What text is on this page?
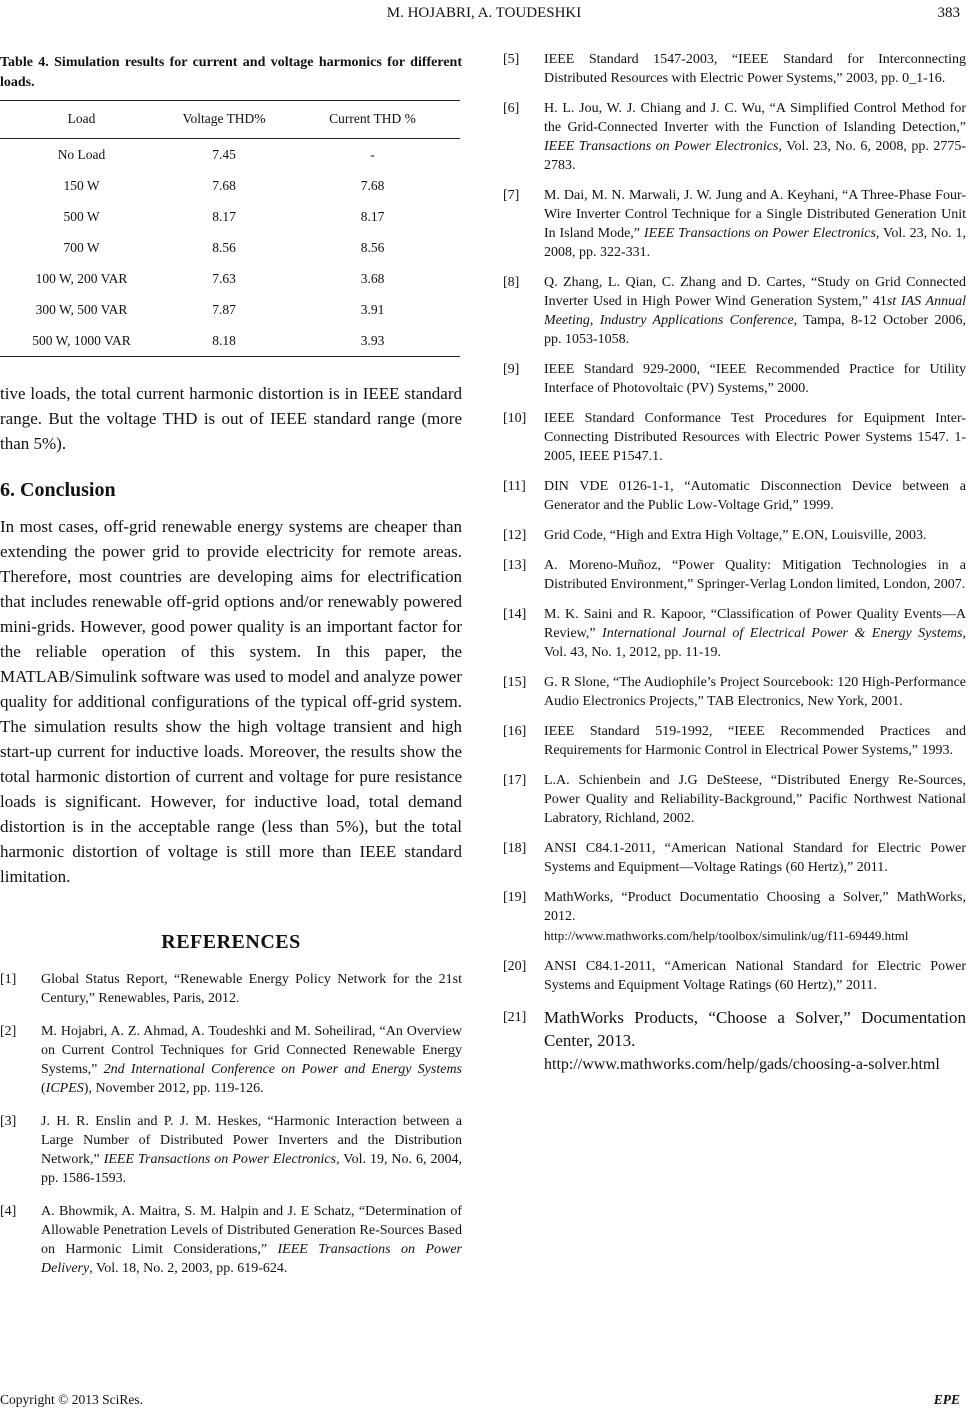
M. HOJABRI, A. TOUDESHKI	383

Table 4. Simulation results for current and voltage harmonics for different loads.

Load	Voltage THD%	Current THD %
No Load	7.45	-
150 W	7.68	7.68
500 W	8.17	8.17
700 W	8.56	8.56
100 W, 200 VAR	7.63	3.68
300 W, 500 VAR	7.87	3.91
500 W, 1000 VAR	8.18	3.93

tive loads, the total current harmonic distortion is in IEEE standard range. But the voltage THD is out of IEEE standard range (more than 5%).

6. Conclusion

In most cases, off-grid renewable energy systems are cheaper than extending the power grid to provide electricity for remote areas. Therefore, most countries are developing aims for electrification that includes renewable off-grid options and/or renewably powered mini-grids. However, good power quality is an important factor for the reliable operation of this system. In this paper, the MATLAB/Simulink software was used to model and analyze power quality for additional configurations of the typical off-grid system. The simulation results show the high voltage transient and high start-up current for inductive loads. Moreover, the results show the total harmonic distortion of current and voltage for pure resistance loads is significant. However, for inductive load, total demand distortion is in the acceptable range (less than 5%), but the total harmonic distortion of voltage is still more than IEEE standard limitation.

REFERENCES
[1]	Global Status Report, “Renewable Energy Policy Network for the 21st Century,” Renewables, Paris, 2012.
[2]	M. Hojabri, A. Z. Ahmad, A. Toudeshki and M. Soheilirad, “An Overview on Current Control Techniques for Grid Connected Renewable Energy Systems,” 2nd International Conference on Power and Energy Systems (ICPES), November 2012, pp. 119-126.
[3]	J. H. R. Enslin and P. J. M. Heskes, “Harmonic Interaction between a Large Number of Distributed Power Inverters and the Distribution Network,” IEEE Transactions on Power Electronics, Vol. 19, No. 6, 2004, pp. 1586-1593.
[4]	A. Bhowmik, A. Maitra, S. M. Halpin and J. E Schatz, “Determination of Allowable Penetration Levels of Distributed Generation Re-Sources Based on Harmonic Limit Considerations,” IEEE Transactions on Power Delivery, Vol. 18, No. 2, 2003, pp. 619-624.
[5]	IEEE Standard 1547-2003, “IEEE Standard for Interconnecting Distributed Resources with Electric Power Systems,” 2003, pp. 0_1-16.
[6]	H. L. Jou, W. J. Chiang and J. C. Wu, “A Simplified Control Method for the Grid-Connected Inverter with the Function of Islanding Detection,” IEEE Transactions on Power Electronics, Vol. 23, No. 6, 2008, pp. 2775-2783.
[7]	M. Dai, M. N. Marwali, J. W. Jung and A. Keyhani, “A Three-Phase Four-Wire Inverter Control Technique for a Single Distributed Generation Unit In Island Mode,” IEEE Transactions on Power Electronics, Vol. 23, No. 1, 2008, pp. 322-331.
[8]	Q. Zhang, L. Qian, C. Zhang and D. Cartes, “Study on Grid Connected Inverter Used in High Power Wind Generation System,” 41st IAS Annual Meeting, Industry Applications Conference, Tampa, 8-12 October 2006, pp. 1053-1058.
[9]	IEEE Standard 929-2000, “IEEE Recommended Practice for Utility Interface of Photovoltaic (PV) Systems,” 2000.
[10]	IEEE Standard Conformance Test Procedures for Equipment Inter-Connecting Distributed Resources with Electric Power Systems 1547. 1-2005, IEEE P1547.1.
[11]	DIN VDE 0126-1-1, “Automatic Disconnection Device between a Generator and the Public Low-Voltage Grid,” 1999.
[12]	Grid Code, “High and Extra High Voltage,” E.ON, Louisville, 2003.
[13]	A. Moreno-Muñoz, “Power Quality: Mitigation Technologies in a Distributed Environment,” Springer-Verlag London limited, London, 2007.
[14]	M. K. Saini and R. Kapoor, “Classification of Power Quality Events—A Review,” International Journal of Electrical Power & Energy Systems, Vol. 43, No. 1, 2012, pp. 11-19.
[15]	G. R Slone, “The Audiophile’s Project Sourcebook: 120 High-Performance Audio Electronics Projects,” TAB Electronics, New York, 2001.
[16]	IEEE Standard 519-1992, “IEEE Recommended Practices and Requirements for Harmonic Control in Electrical Power Systems,” 1993.
[17]	L.A. Schienbein and J.G DeSteese, “Distributed Energy Re-Sources, Power Quality and Reliability-Background,” Pacific Northwest National Labratory, Richland, 2002.
[18]	ANSI C84.1-2011, “American National Standard for Electric Power Systems and Equipment—Voltage Ratings (60 Hertz),” 2011.
[19]	MathWorks, “Product Documentatio Choosing a Solver,” MathWorks, 2012.
http://www.mathworks.com/help/toolbox/simulink/ug/f11-69449.html
[20]	ANSI C84.1-2011, “American National Standard for Electric Power Systems and Equipment Voltage Ratings (60 Hertz),” 2011.
[21]	MathWorks Products, “Choose a Solver,” Documentation Center, 2013.
http://www.mathworks.com/help/gads/choosing-a-solver.html
Copyright © 2013 SciRes.	EPE
